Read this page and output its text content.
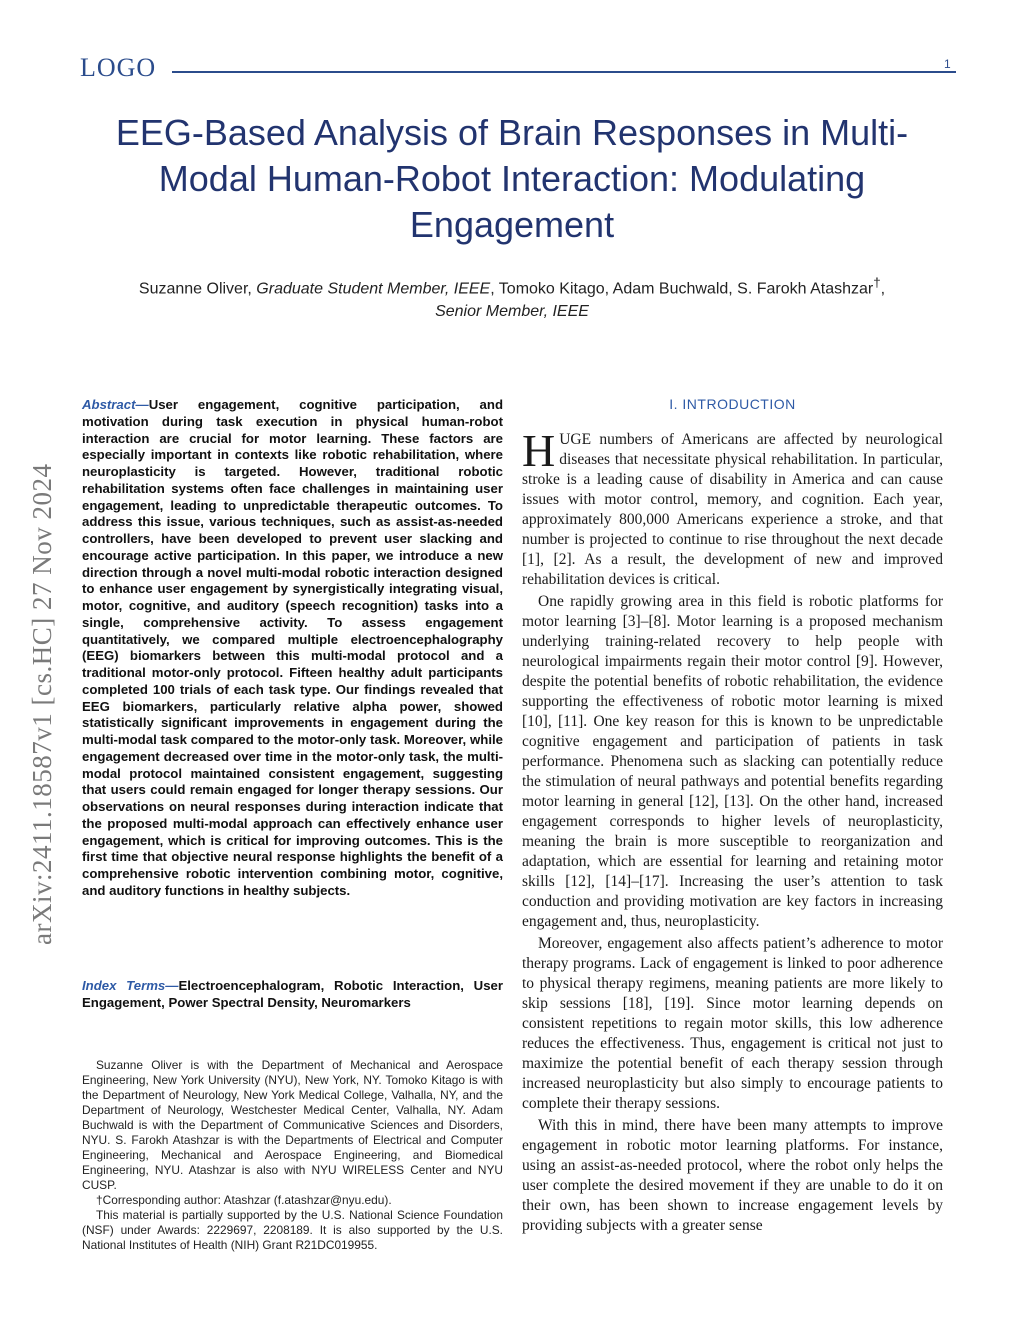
LOGO	1
EEG-Based Analysis of Brain Responses in Multi-Modal Human-Robot Interaction: Modulating Engagement
Suzanne Oliver, Graduate Student Member, IEEE, Tomoko Kitago, Adam Buchwald, S. Farokh Atashzar†,
Senior Member, IEEE
arXiv:2411.18587v1 [cs.HC] 27 Nov 2024
Abstract—User engagement, cognitive participation, and motivation during task execution in physical human-robot interaction are crucial for motor learning. These factors are especially important in contexts like robotic rehabilitation, where neuroplasticity is targeted. However, traditional robotic rehabilitation systems often face challenges in maintaining user engagement, leading to unpredictable therapeutic outcomes. To address this issue, various techniques, such as assist-as-needed controllers, have been developed to prevent user slacking and encourage active participation. In this paper, we introduce a new direction through a novel multi-modal robotic interaction designed to enhance user engagement by synergistically integrating visual, motor, cognitive, and auditory (speech recognition) tasks into a single, comprehensive activity. To assess engagement quantitatively, we compared multiple electroencephalography (EEG) biomarkers between this multi-modal protocol and a traditional motor-only protocol. Fifteen healthy adult participants completed 100 trials of each task type. Our findings revealed that EEG biomarkers, particularly relative alpha power, showed statistically significant improvements in engagement during the multi-modal task compared to the motor-only task. Moreover, while engagement decreased over time in the motor-only task, the multi-modal protocol maintained consistent engagement, suggesting that users could remain engaged for longer therapy sessions. Our observations on neural responses during interaction indicate that the proposed multi-modal approach can effectively enhance user engagement, which is critical for improving outcomes. This is the first time that objective neural response highlights the benefit of a comprehensive robotic intervention combining motor, cognitive, and auditory functions in healthy subjects.
Index Terms—Electroencephalogram, Robotic Interaction, User Engagement, Power Spectral Density, Neuromarkers

Suzanne Oliver is with the Department of Mechanical and Aerospace Engineering, New York University (NYU), New York, NY. Tomoko Kitago is with the Department of Neurology, New York Medical College, Valhalla, NY, and the Department of Neurology, Westchester Medical Center, Valhalla, NY. Adam Buchwald is with the Department of Communicative Sciences and Disorders, NYU. S. Farokh Atashzar is with the Departments of Electrical and Computer Engineering, Mechanical and Aerospace Engineering, and Biomedical Engineering, NYU. Atashzar is also with NYU WIRELESS Center and NYU CUSP.

†Corresponding author: Atashzar (f.atashzar@nyu.edu).

This material is partially supported by the U.S. National Science Foundation (NSF) under Awards: 2229697, 2208189. It is also supported by the U.S. National Institutes of Health (NIH) Grant R21DC019955.

I. INTRODUCTION

HUGE numbers of Americans are affected by neurological diseases that necessitate physical rehabilitation. In particular, stroke is a leading cause of disability in America and can cause issues with motor control, memory, and cognition. Each year, approximately 800,000 Americans experience a stroke, and that number is projected to continue to rise throughout the next decade [1], [2]. As a result, the development of new and improved rehabilitation devices is critical.

One rapidly growing area in this field is robotic platforms for motor learning [3]–[8]. Motor learning is a proposed mechanism underlying training-related recovery to help people with neurological impairments regain their motor control [9]. However, despite the potential benefits of robotic rehabilitation, the evidence supporting the effectiveness of robotic motor learning is mixed [10], [11]. One key reason for this is known to be unpredictable cognitive engagement and participation of patients in task performance. Phenomena such as slacking can potentially reduce the stimulation of neural pathways and potential benefits regarding motor learning in general [12], [13]. On the other hand, increased engagement corresponds to higher levels of neuroplasticity, meaning the brain is more susceptible to reorganization and adaptation, which are essential for learning and retaining motor skills [12], [14]–[17]. Increasing the user’s attention to task conduction and providing motivation are key factors in increasing engagement and, thus, neuroplasticity.

Moreover, engagement also affects patient’s adherence to motor therapy programs. Lack of engagement is linked to poor adherence to physical therapy regimens, meaning patients are more likely to skip sessions [18], [19]. Since motor learning depends on consistent repetitions to regain motor skills, this low adherence reduces the effectiveness. Thus, engagement is critical not just to maximize the potential benefit of each therapy session through increased neuroplasticity but also simply to encourage patients to complete their therapy sessions.

With this in mind, there have been many attempts to improve engagement in robotic motor learning platforms. For instance, using an assist-as-needed protocol, where the robot only helps the user complete the desired movement if they are unable to do it on their own, has been shown to increase engagement levels by providing subjects with a greater sense
